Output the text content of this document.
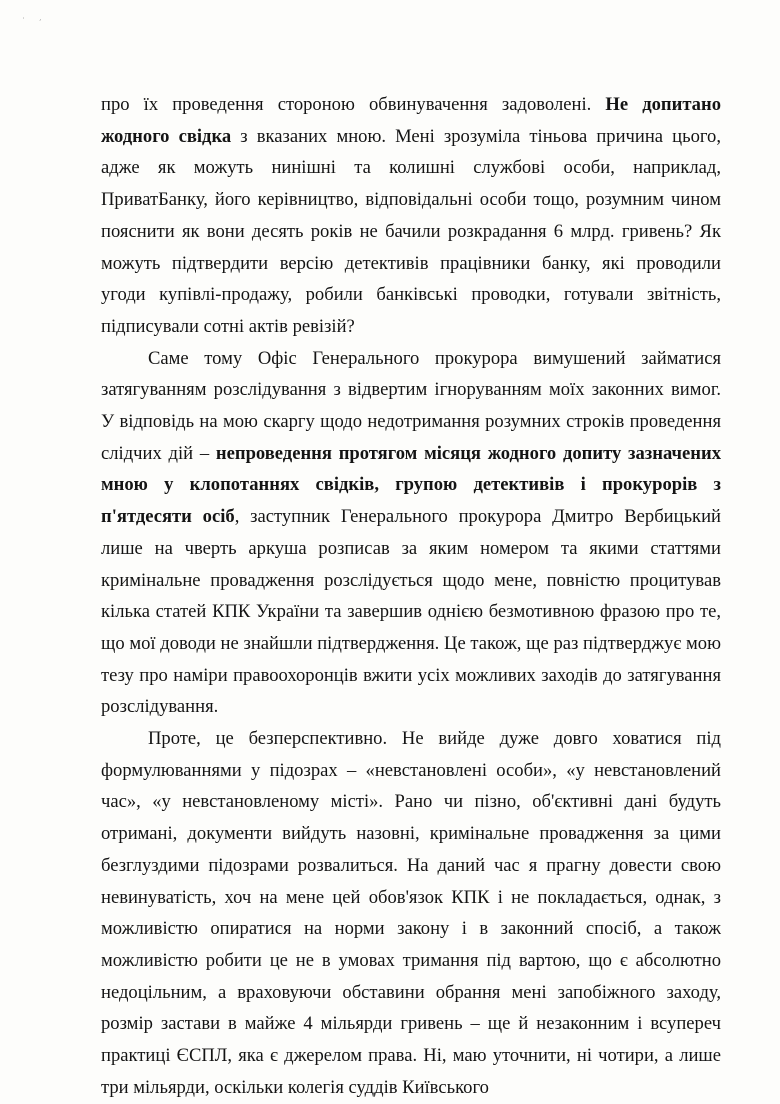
˙ ׳

про їх проведення стороною обвинувачення задоволені. Не допитано жодного свідка з вказаних мною. Мені зрозуміла тіньова причина цього, адже як можуть нинішні та колишні службові особи, наприклад, ПриватБанку, його керівництво, відповідальні особи тощо, розумним чином пояснити як вони десять років не бачили розкрадання 6 млрд. гривень? Як можуть підтвердити версію детективів працівники банку, які проводили угоди купівлі-продажу, робили банківські проводки, готували звітність, підписували сотні актів ревізій?

Саме тому Офіс Генерального прокурора вимушений займатися затягуванням розслідування з відвертим ігноруванням моїх законних вимог. У відповідь на мою скаргу щодо недотримання розумних строків проведення слідчих дій – непроведення протягом місяця жодного допиту зазначених мною у клопотаннях свідків, групою детективів і прокурорів з п'ятдесяти осіб, заступник Генерального прокурора Дмитро Вербицький лише на чверть аркуша розписав за яким номером та якими статтями кримінальне провадження розслідується щодо мене, повністю процитував кілька статей КПК України та завершив однією безмотивною фразою про те, що мої доводи не знайшли підтвердження. Це також, ще раз підтверджує мою тезу про наміри правоохоронців вжити усіх можливих заходів до затягування розслідування.

Проте, це безперспективно. Не вийде дуже довго ховатися під формулюваннями у підозрах – «невстановлені особи», «у невстановлений час», «у невстановленому місті». Рано чи пізно, об'єктивні дані будуть отримані, документи вийдуть назовні, кримінальне провадження за цими безглуздими підозрами розвалиться. На даний час я прагну довести свою невинуватість, хоч на мене цей обов'язок КПК і не покладається, однак, з можливістю опиратися на норми закону і в законний спосіб, а також можливістю робити це не в умовах тримання під вартою, що є абсолютно недоцільним, а враховуючи обставини обрання мені запобіжного заходу, розмір застави в майже 4 мільярди гривень – ще й незаконним і всупереч практиці ЄСПЛ, яка є джерелом права. Ні, маю уточнити, ні чотири, а лише три мільярди, оскільки колегія суддів Київського
